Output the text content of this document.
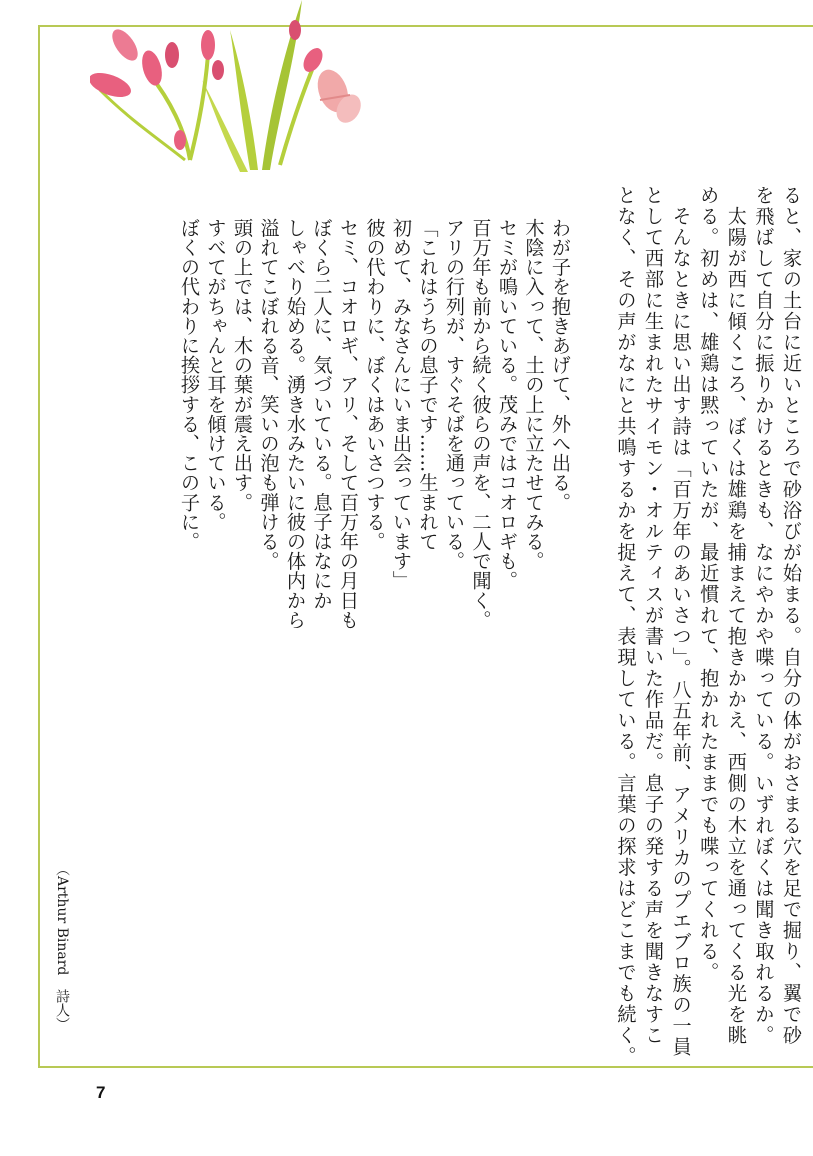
ると、家の土台に近いところで砂浴びが始まる。自分の体がおさまる穴を足で掘り、翼で砂

を飛ばして自分に振りかけるときも、なにやかや喋っている。いずれぼくは聞き取れるか。

　太陽が西に傾くころ、ぼくは雄鶏を捕まえて抱きかかえ、西側の木立を通ってくる光を眺

める。初めは、雄鶏は黙っていたが、最近慣れて、抱かれたままでも喋ってくれる。

　そんなときに思い出す詩は「百万年のあいさつ」。八五年前、アメリカのプエブロ族の一員

として西部に生まれたサイモン・オルティスが書いた作品だ。息子の発する声を聞きなすこ

となく、その声がなにと共鳴するかを捉えて、表現している。言葉の探求はどこまでも続く。

わが子を抱きあげて、外へ出る。
木陰に入って、土の上に立たせてみる。
セミが鳴いている。茂みではコオロギも。
百万年も前から続く彼らの声を、二人で聞く。
アリの行列が、すぐそばを通っている。
「これはうちの息子です……生まれて
初めて、みなさんにいま出会っています」
彼の代わりに、ぼくはあいさつする。
セミ、コオロギ、アリ、そして百万年の月日も
ぼくら二人に、気づいている。息子はなにか
しゃべり始める。湧き水みたいに彼の体内から
溢れてこぼれる音、笑いの泡も弾ける。
頭の上では、木の葉が震え出す。
すべてがちゃんと耳を傾けている。
ぼくの代わりに挨拶する、この子に。
（Arthur Binard　詩人）
7
